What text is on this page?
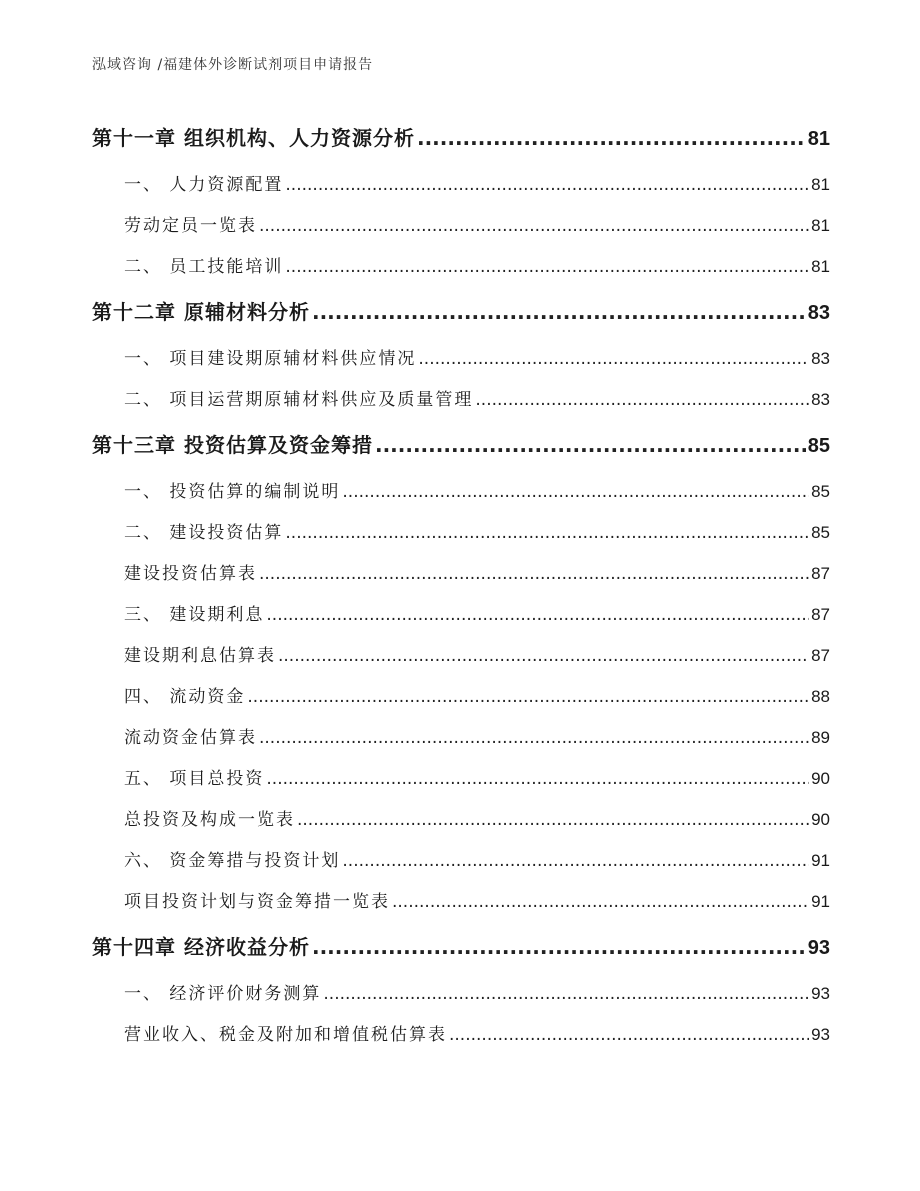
泓域咨询 /福建体外诊断试剂项目申请报告
第十一章 组织机构、人力资源分析 .....	81
一、 人力资源配置 .....	81
劳动定员一览表 .....	81
二、 员工技能培训 .....	81
第十二章 原辅材料分析 .....	83
一、 项目建设期原辅材料供应情况 .....	83
二、 项目运营期原辅材料供应及质量管理 .....	83
第十三章 投资估算及资金筹措 .....	85
一、 投资估算的编制说明 .....	85
二、 建设投资估算 .....	85
建设投资估算表 .....	87
三、 建设期利息 .....	87
建设期利息估算表 .....	87
四、 流动资金 .....	88
流动资金估算表 .....	89
五、 项目总投资 .....	90
总投资及构成一览表 .....	90
六、 资金筹措与投资计划 .....	91
项目投资计划与资金筹措一览表 .....	91
第十四章 经济收益分析 .....	93
一、 经济评价财务测算 .....	93
营业收入、税金及附加和增值税估算表 .....	93
